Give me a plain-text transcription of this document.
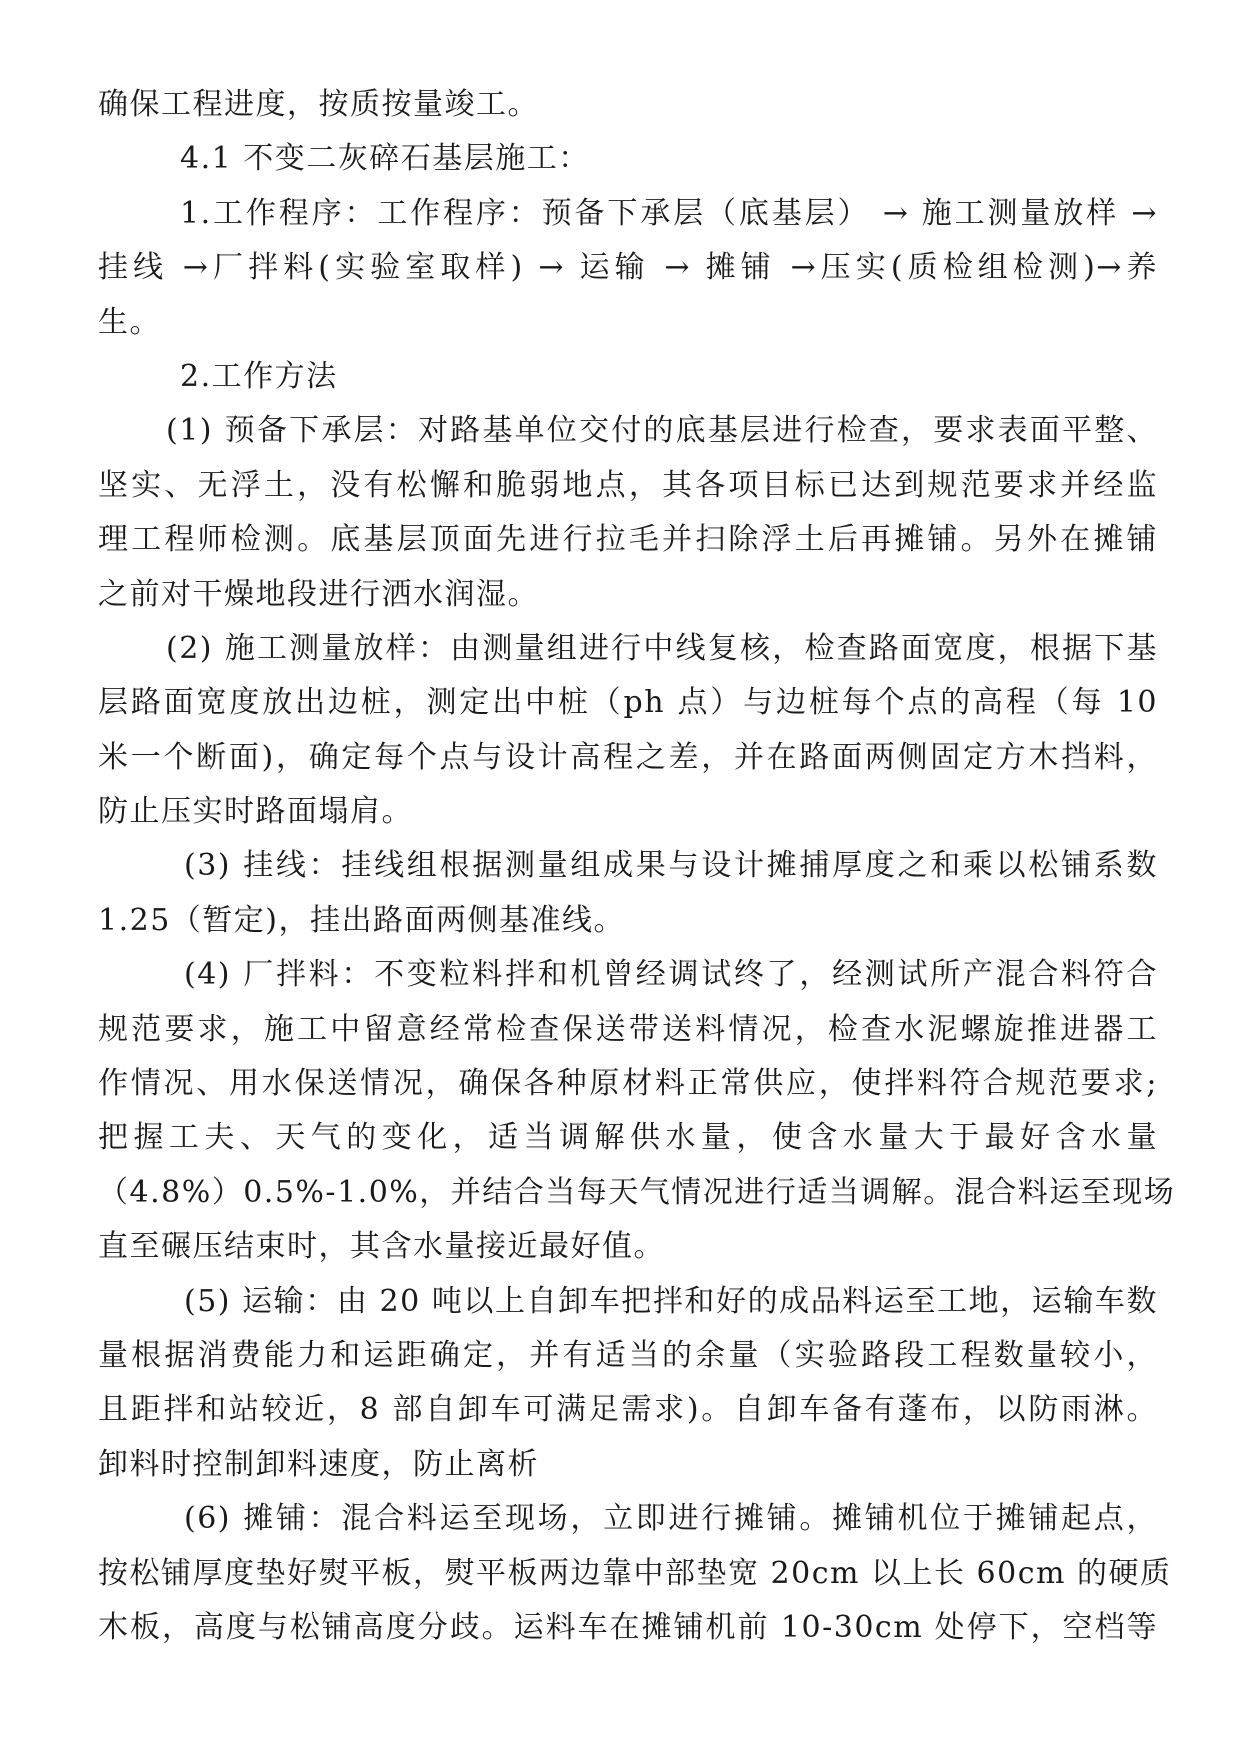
确保工程进度，按质按量竣工。
4.1 不变二灰碎石基层施工：
1.工作程序：工作程序：预备下承层（底基层） → 施工测量放样 →
挂线 →厂拌料(实验室取样) → 运输 → 摊铺 →压实(质检组检测)→养
生。
2.工作方法
(1) 预备下承层：对路基单位交付的底基层进行检查，要求表面平整、
坚实、无浮土，没有松懈和脆弱地点，其各项目标已达到规范要求并经监
理工程师检测。底基层顶面先进行拉毛并扫除浮土后再摊铺。另外在摊铺
之前对干燥地段进行洒水润湿。
(2) 施工测量放样：由测量组进行中线复核，检查路面宽度，根据下基
层路面宽度放出边桩，测定出中桩（ph 点）与边桩每个点的高程（每 10
米一个断面)，确定每个点与设计高程之差，并在路面两侧固定方木挡料，
防止压实时路面塌肩。
(3) 挂线：挂线组根据测量组成果与设计摊捕厚度之和乘以松铺系数
1.25（暂定)，挂出路面两侧基准线。
(4) 厂拌料：不变粒料拌和机曾经调试终了，经测试所产混合料符合
规范要求，施工中留意经常检查保送带送料情况，检查水泥螺旋推进器工
作情况、用水保送情况，确保各种原材料正常供应，使拌料符合规范要求;
把握工夫、天气的变化，适当调解供水量，使含水量大于最好含水量
（4.8%）0.5%-1.0%，并结合当每天气情况进行适当调解。混合料运至现场
直至碾压结束时，其含水量接近最好值。
(5) 运输：由 20 吨以上自卸车把拌和好的成品料运至工地，运输车数
量根据消费能力和运距确定，并有适当的余量（实验路段工程数量较小，
且距拌和站较近，8 部自卸车可满足需求)。自卸车备有蓬布，以防雨淋。
卸料时控制卸料速度，防止离析
(6) 摊铺：混合料运至现场，立即进行摊铺。摊铺机位于摊铺起点，
按松铺厚度垫好熨平板，熨平板两边靠中部垫宽 20cm 以上长 60cm 的硬质
木板，高度与松铺高度分歧。运料车在摊铺机前 10-30cm 处停下，空档等
